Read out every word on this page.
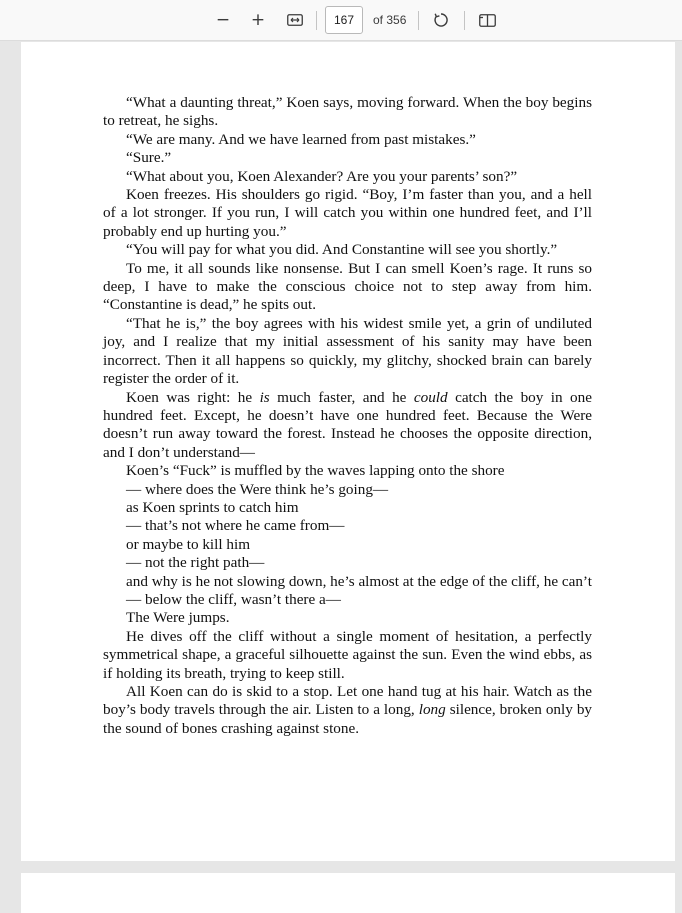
− +
167	of 356

“What a daunting threat,” Koen says, moving forward. When the boy begins to retreat, he sighs.

“We are many. And we have learned from past mistakes.”

“Sure.”

“What about you, Koen Alexander? Are you your parents’ son?”

Koen freezes. His shoulders go rigid. “Boy, I’m faster than you, and a hell of a lot stronger. If you run, I will catch you within one hundred feet, and I’ll probably end up hurting you.”

“You will pay for what you did. And Constantine will see you shortly.”

To me, it all sounds like nonsense. But I can smell Koen’s rage. It runs so deep, I have to make the conscious choice not to step away from him. “Constantine is dead,” he spits out.

“That he is,” the boy agrees with his widest smile yet, a grin of undiluted joy, and I realize that my initial assessment of his sanity may have been incorrect. Then it all happens so quickly, my glitchy, shocked brain can barely register the order of it.

Koen was right: he is much faster, and he could catch the boy in one hundred feet. Except, he doesn’t have one hundred feet. Because the Were doesn’t run away toward the forest. Instead he chooses the opposite direction, and I don’t understand—

Koen’s “Fuck” is muffled by the waves lapping onto the shore

— where does the Were think he’s going—

as Koen sprints to catch him

— that’s not where he came from—

or maybe to kill him

— not the right path—

and why is he not slowing down, he’s almost at the edge of the cliff, he can’t

— below the cliff, wasn’t there a—

The Were jumps.

He dives off the cliff without a single moment of hesitation, a perfectly symmetrical shape, a graceful silhouette against the sun. Even the wind ebbs, as if holding its breath, trying to keep still.

All Koen can do is skid to a stop. Let one hand tug at his hair. Watch as the boy’s body travels through the air. Listen to a long, long silence, broken only by the sound of bones crashing against stone.
